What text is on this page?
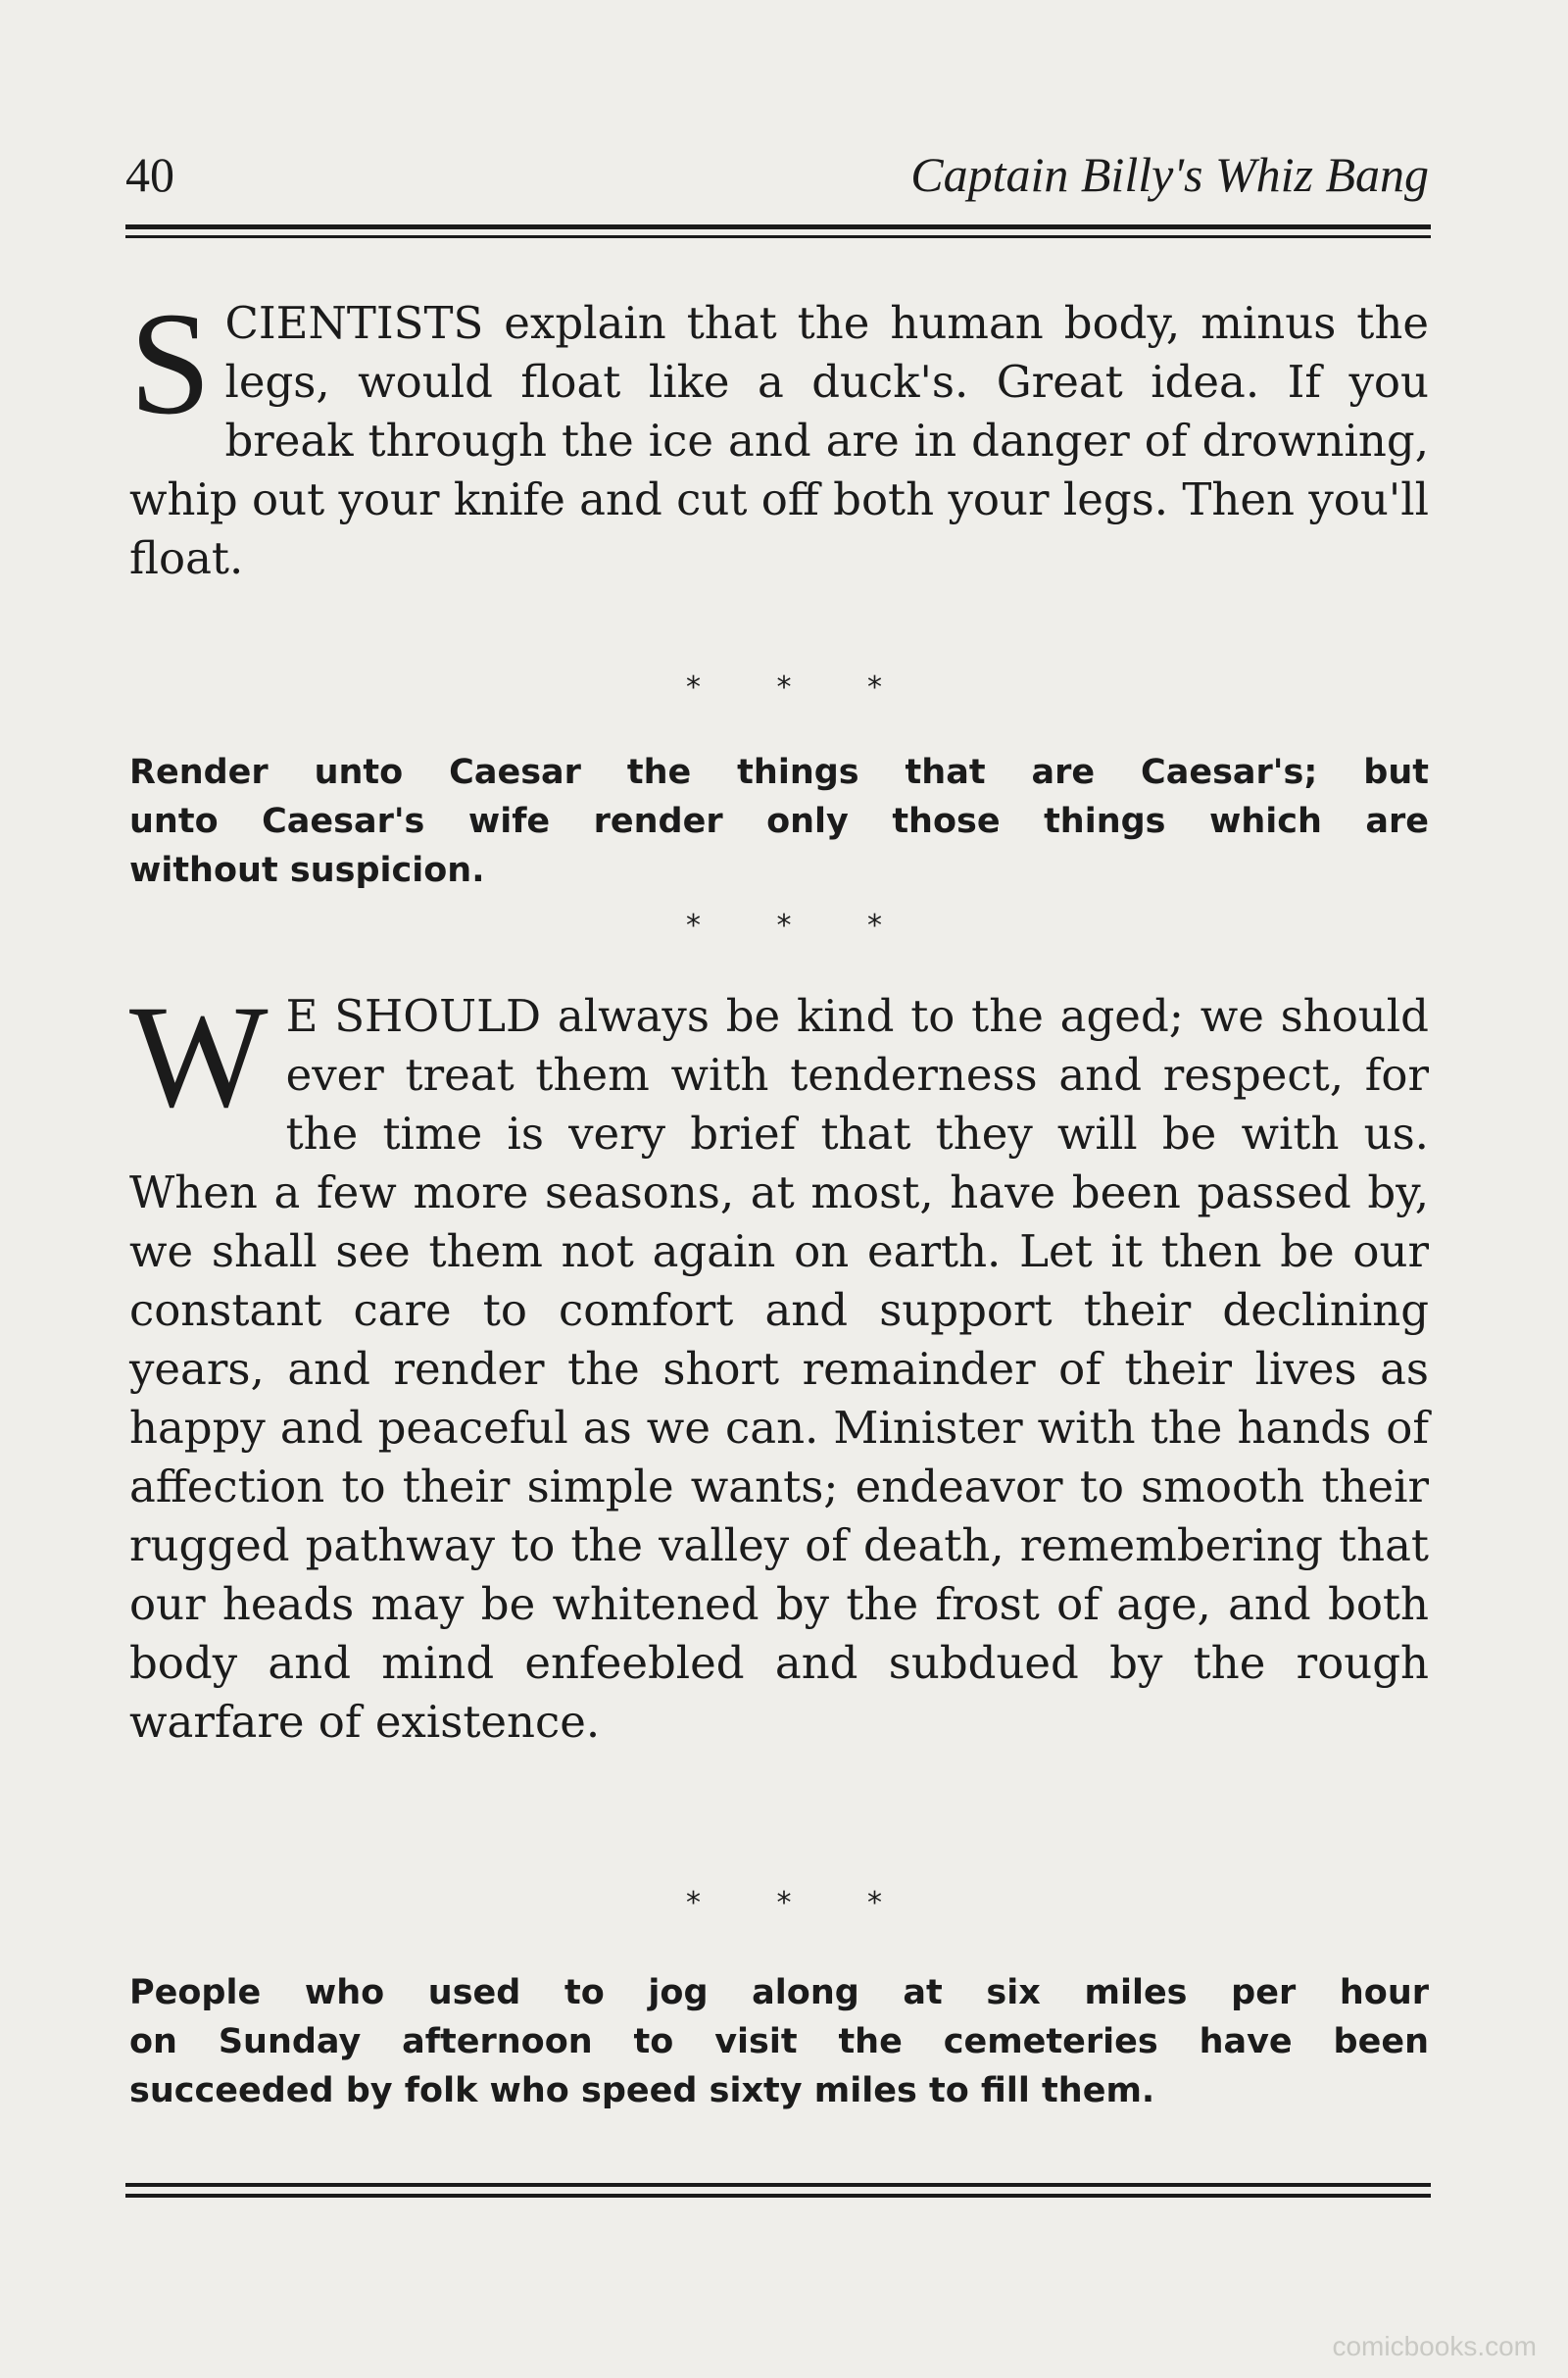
40	Captain Billy's Whiz Bang

SCIENTISTS explain that the human body, minus the legs, would float like a duck's. Great idea. If you break through the ice and are in danger of drowning, whip out your knife and cut off both your legs. Then you'll float.

* * *

Render unto Caesar the things that are Caesar's; but
unto Caesar's wife render only those things which are
without suspicion.

* * *

W E SHOULD always be kind to the aged; we should ever treat them with tenderness and respect, for the time is very brief that they will be with us. When a few more seasons, at most, have been passed by, we shall see them not again on earth. Let it then be our constant care to comfort and support their declining years, and render the short remainder of their lives as happy and peaceful as we can. Minister with the hands of affection to their simple wants; endeavor to smooth their rugged pathway to the valley of death, remembering that our heads may be whitened by the frost of age, and both body and mind enfeebled and subdued by the rough warfare of existence.

* * *

People who used to jog along at six miles per hour
on Sunday afternoon to visit the cemeteries have been
succeeded by folk who speed sixty miles to fill them.

comicbooks.com
